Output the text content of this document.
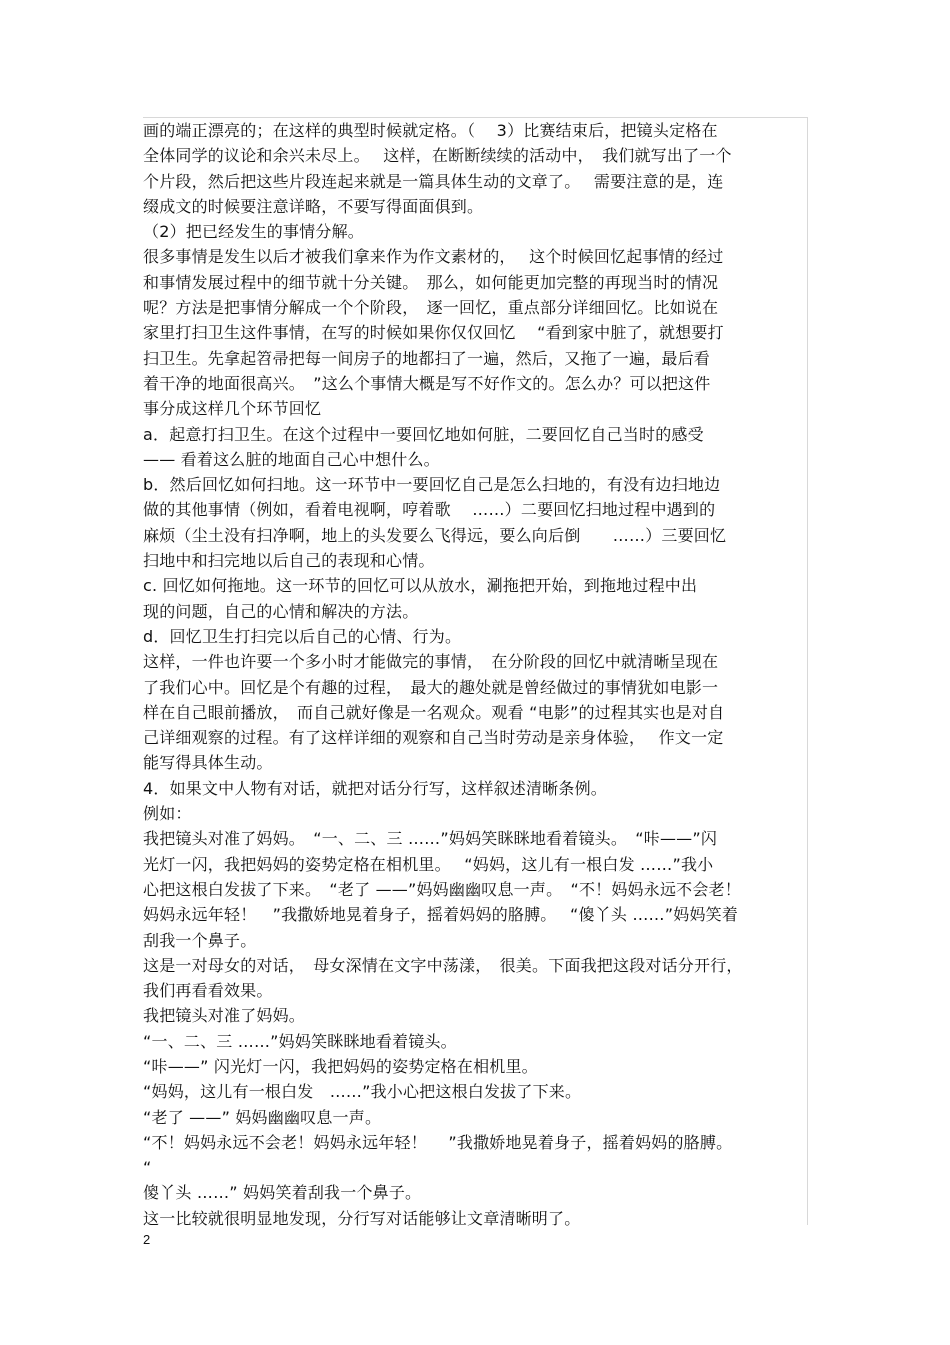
画的端正漂亮的；在这样的典型时候就定格。（　 3）比赛结束后，把镜头定格在
全体同学的议论和余兴未尽上。　 这样，在断断续续的活动中，　我们就写出了一个
个片段，然后把这些片段连起来就是一篇具体生动的文章了。　 需要注意的是，连
缀成文的时候要注意详略，不要写得面面俱到。
（2）把已经发生的事情分解。
很多事情是发生以后才被我们拿来作为作文素材的，　 这个时候回忆起事情的经过
和事情发展过程中的细节就十分关键。　那么，如何能更加完整的再现当时的情况
呢？方法是把事情分解成一个个阶段，　逐一回忆，重点部分详细回忆。比如说在
家里打扫卫生这件事情，在写的时候如果你仅仅回忆　 “看到家中脏了，就想要打
扫卫生。先拿起笤帚把每一间房子的地都扫了一遍，然后，又拖了一遍，最后看
着干净的地面很高兴。　”这么个事情大概是写不好作文的。怎么办？可以把这件
事分成这样几个环节回忆
a．起意打扫卫生。在这个过程中一要回忆地如何脏，二要回忆自己当时的感受
—— 看着这么脏的地面自己心中想什么。
b．然后回忆如何扫地。这一环节中一要回忆自己是怎么扫地的，有没有边扫地边
做的其他事情（例如，看着电视啊，哼着歌　 ……）二要回忆扫地过程中遇到的
麻烦（尘土没有扫净啊，地上的头发要么飞得远，要么向后倒　　……）三要回忆
扫地中和扫完地以后自己的表现和心情。
c. 回忆如何拖地。这一环节的回忆可以从放水，涮拖把开始，到拖地过程中出
现的问题，自己的心情和解决的方法。
d．回忆卫生打扫完以后自己的心情、行为。
这样，一件也许要一个多小时才能做完的事情，　在分阶段的回忆中就清晰呈现在
了我们心中。回忆是个有趣的过程，　最大的趣处就是曾经做过的事情犹如电影一
样在自己眼前播放，　而自己就好像是一名观众。观看 “电影”的过程其实也是对自
己详细观察的过程。有了这样详细的观察和自己当时劳动是亲身体验，　 作文一定
能写得具体生动。
4．如果文中人物有对话，就把对话分行写，这样叙述清晰条例。
例如：
我把镜头对准了妈妈。　“一、二、三 ……”妈妈笑眯眯地看着镜头。　“咔——”闪
光灯一闪，我把妈妈的姿势定格在相机里。　 “妈妈，这儿有一根白发 ……”我小
心把这根白发拔了下来。　“老了 ——”妈妈幽幽叹息一声。　“不！妈妈永远不会老！
妈妈永远年轻！　”我撒娇地晃着身子，摇着妈妈的胳膊。　 “傻丫头 ……”妈妈笑着
刮我一个鼻子。
这是一对母女的对话，　母女深情在文字中荡漾，　很美。下面我把这段对话分开行，
我们再看看效果。
我把镜头对准了妈妈。
“一、二、三 ……”妈妈笑眯眯地看着镜头。
“咔——” 闪光灯一闪，我把妈妈的姿势定格在相机里。
“妈妈，这儿有一根白发　……”我小心把这根白发拔了下来。
“老了 ——” 妈妈幽幽叹息一声。
“不！妈妈永远不会老！妈妈永远年轻！　 ”我撒娇地晃着身子，摇着妈妈的胳膊。
“
傻丫头 ……” 妈妈笑着刮我一个鼻子。
这一比较就很明显地发现，分行写对话能够让文章清晰明了。
2
